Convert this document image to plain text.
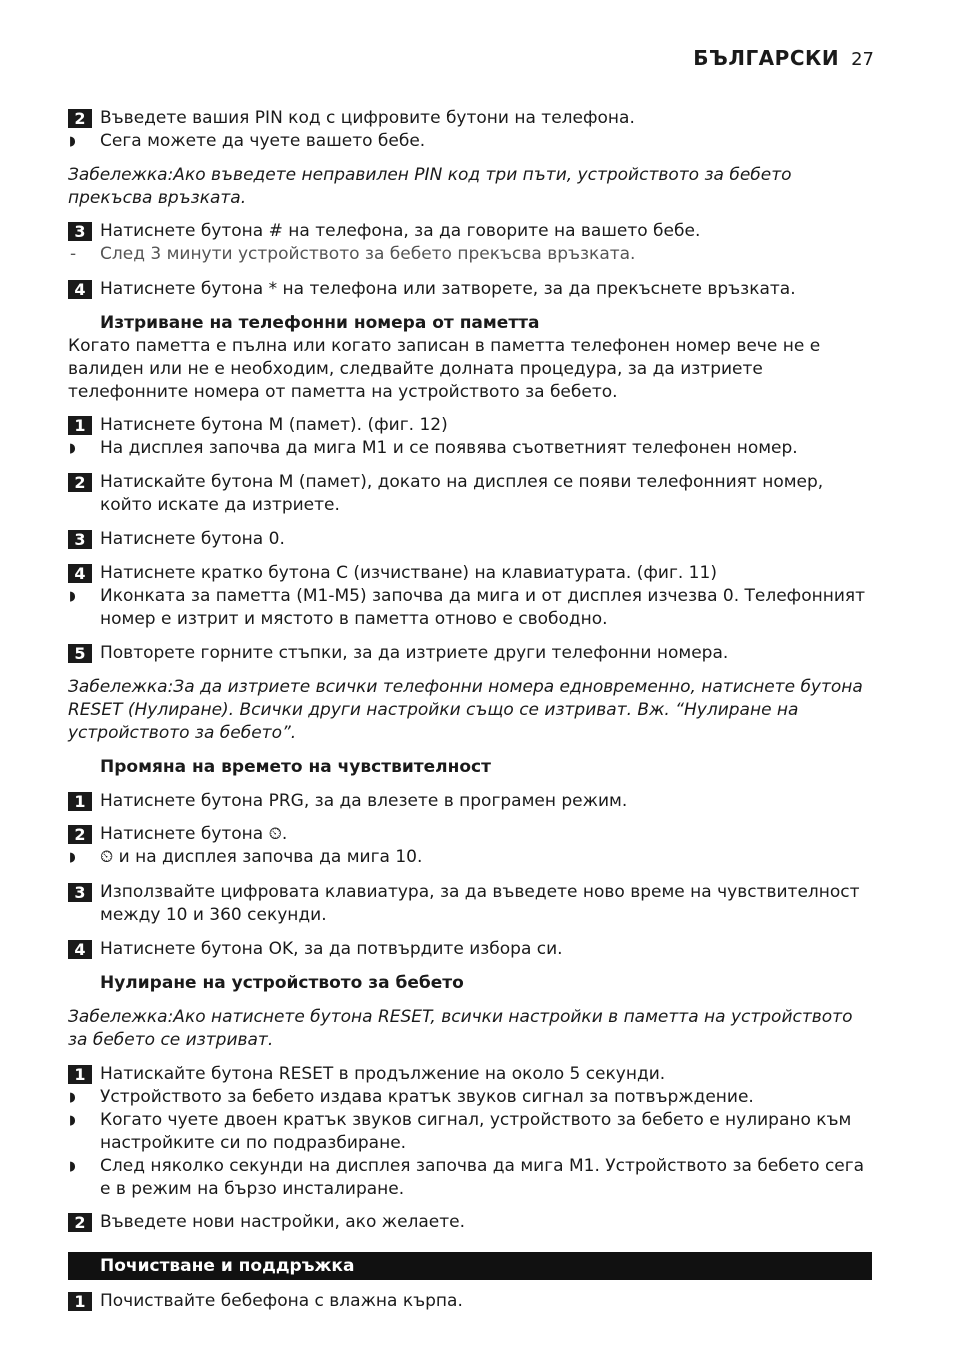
БЪЛГАРСКИ 27
2 Въведете вашия PIN код с цифровите бутони на телефона.
◗ Сега можете да чуете вашето бебе.
Забележка:Ако въведете неправилен PIN код три пъти, устройството за бебето прекъсва връзката.
3 Натиснете бутона # на телефона, за да говорите на вашето бебе.
- След 3 минути устройството за бебето прекъсва връзката.
4 Натиснете бутона * на телефона или затворете, за да прекъснете връзката.
Изтриване на телефонни номера от паметта
Когато паметта е пълна или когато записан в паметта телефонен номер вече не е валиден или не е необходим, следвайте долната процедура, за да изтриете телефонните номера от паметта на устройството за бебето.
1 Натиснете бутона M (памет). (фиг. 12)
◗ На дисплея започва да мига M1 и се появява съответният телефонен номер.
2 Натискайте бутона M (памет), докато на дисплея се появи телефонният номер, който искате да изтриете.
3 Натиснете бутона 0.
4 Натиснете кратко бутона C (изчистване) на клавиатурата. (фиг. 11)
◗ Иконката за паметта (M1-M5) започва да мига и от дисплея изчезва 0. Телефонният номер е изтрит и мястото в паметта отново е свободно.
5 Повторете горните стъпки, за да изтриете други телефонни номера.
Забележка:За да изтриете всички телефонни номера едновременно, натиснете бутона RESET (Нулиране). Всички други настройки също се изтриват. Вж. “Нулиране на устройството за бебето”.
Промяна на времето на чувствителност
1 Натиснете бутона PRG, за да влезете в програмен режим.
2 Натиснете бутона ⏲.
◗ ⏲ и на дисплея започва да мига 10.
3 Използвайте цифровата клавиатура, за да въведете ново време на чувствителност между 10 и 360 секунди.
4 Натиснете бутона OK, за да потвърдите избора си.
Нулиране на устройството за бебето
Забележка:Ако натиснете бутона RESET, всички настройки в паметта на устройството за бебето се изтриват.
1 Натискайте бутона RESET в продължение на около 5 секунди.
◗ Устройството за бебето издава кратък звуков сигнал за потвърждение.
◗ Когато чуете двоен кратък звуков сигнал, устройството за бебето е нулирано към настройките си по подразбиране.
◗ След няколко секунди на дисплея започва да мига M1. Устройството за бебето сега е в режим на бързо инсталиране.
2 Въведете нови настройки, ако желаете.
Почистване и поддръжка
1 Почиствайте бебефона с влажна кърпа.
